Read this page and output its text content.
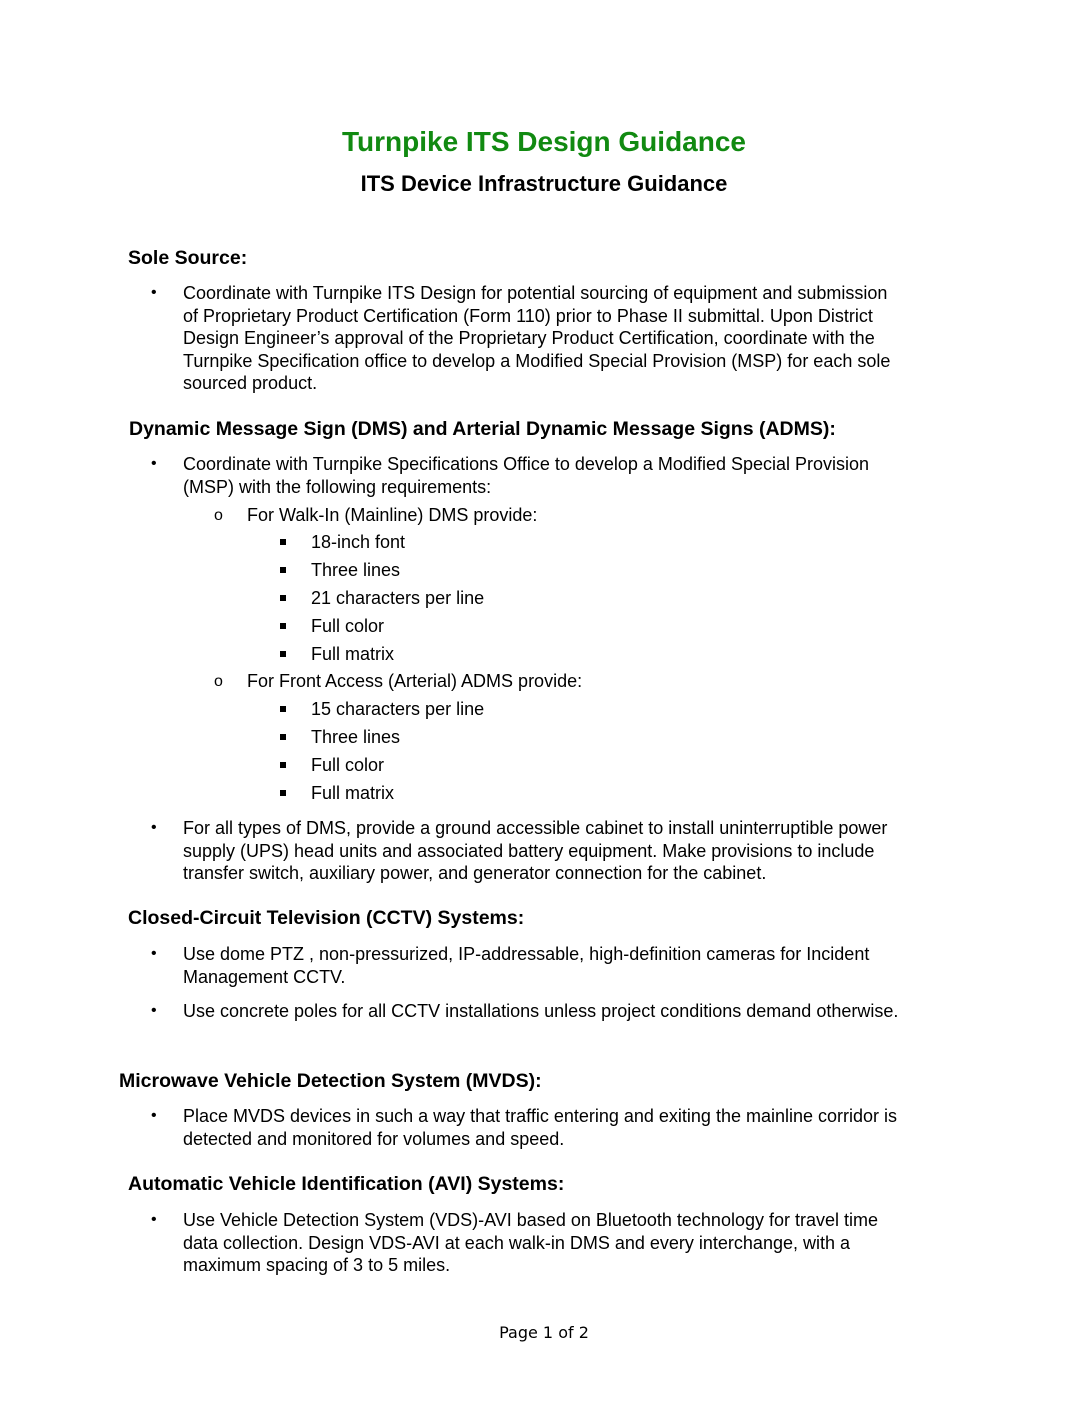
Turnpike ITS Design Guidance
ITS Device Infrastructure Guidance
Sole Source:
• Coordinate with Turnpike ITS Design for potential sourcing of equipment and submission
of Proprietary Product Certification (Form 110) prior to Phase II submittal. Upon District
Design Engineer’s approval of the Proprietary Product Certification, coordinate with the
Turnpike Specification office to develop a Modified Special Provision (MSP) for each sole
sourced product.
Dynamic Message Sign (DMS) and Arterial Dynamic Message Signs (ADMS):
• Coordinate with Turnpike Specifications Office to develop a Modified Special Provision
(MSP) with the following requirements:
o For Walk-In (Mainline) DMS provide:
18-inch font
Three lines
21 characters per line
Full color
Full matrix
o For Front Access (Arterial) ADMS provide:
15 characters per line
Three lines
Full color
Full matrix
• For all types of DMS, provide a ground accessible cabinet to install uninterruptible power
supply (UPS) head units and associated battery equipment. Make provisions to include
transfer switch, auxiliary power, and generator connection for the cabinet.
Closed-Circuit Television (CCTV) Systems:
• Use dome PTZ , non-pressurized, IP-addressable, high-definition cameras for Incident
Management CCTV.
• Use concrete poles for all CCTV installations unless project conditions demand otherwise.
Microwave Vehicle Detection System (MVDS):
• Place MVDS devices in such a way that traffic entering and exiting the mainline corridor is
detected and monitored for volumes and speed.
Automatic Vehicle Identification (AVI) Systems:
• Use Vehicle Detection System (VDS)-AVI based on Bluetooth technology for travel time
data collection. Design VDS-AVI at each walk-in DMS and every interchange, with a
maximum spacing of 3 to 5 miles.
Page 1 of 2
